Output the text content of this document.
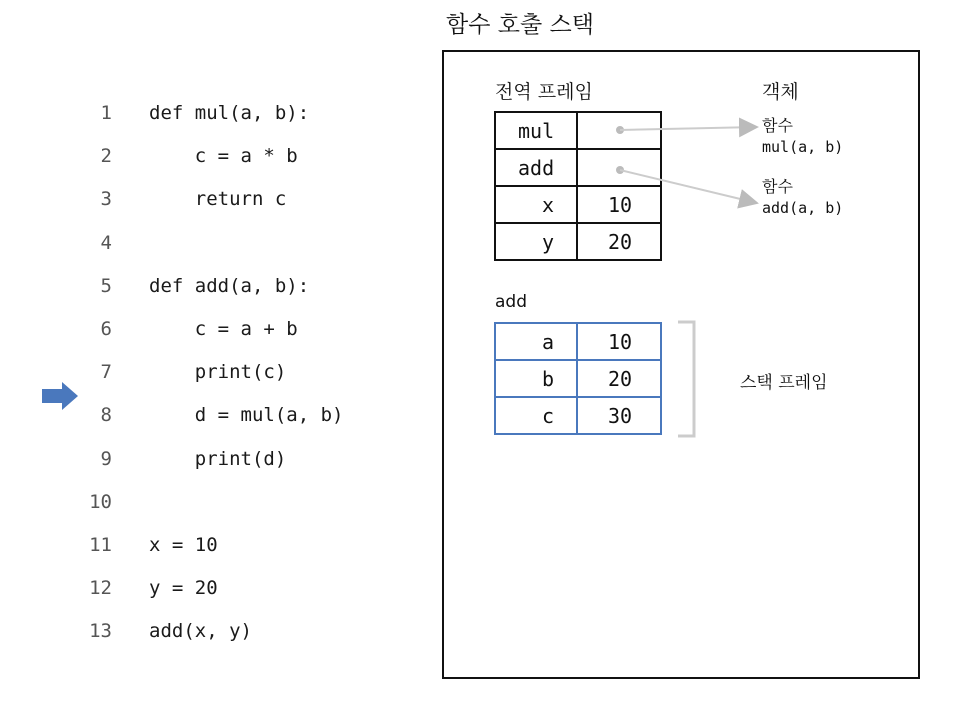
함수 호출 스택
1 def mul(a, b):
2 c = a * b
3 return c
4
5 def add(a, b):
6 c = a + b
7 print(c)
8 d = mul(a, b)
9 print(d)
10
11 x = 10
12 y = 20
13 add(x, y)
전역 프레임
mul	
add	
x	10
y	20
객체
함수
mul(a, b)
함수
add(a, b)
add
a	10
b	20
c	30
스택 프레임
